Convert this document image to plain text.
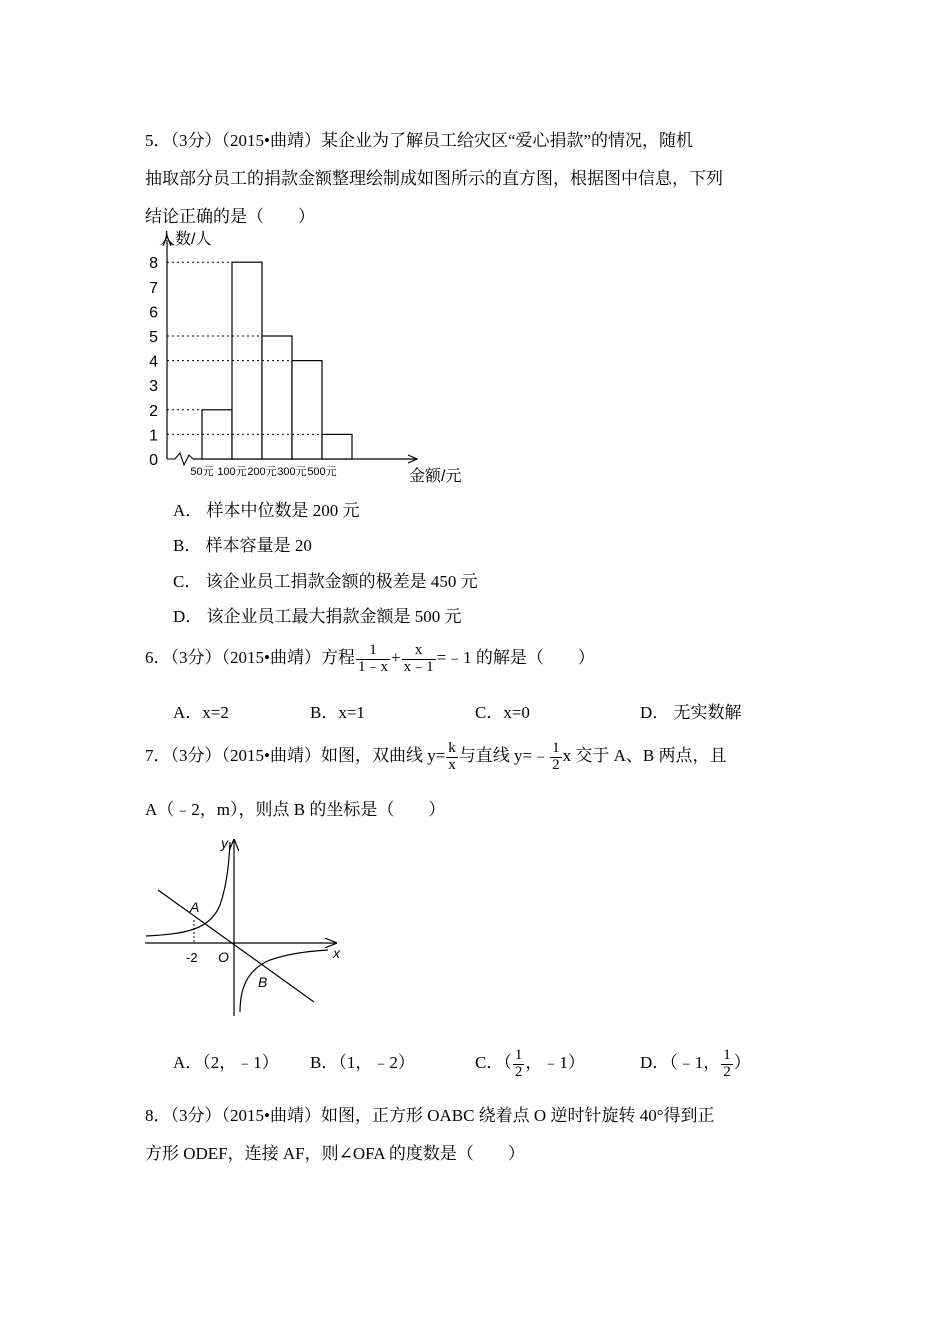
5．（3分）（2015•曲靖）某企业为了解员工给灾区“爱心捐款”的情况，随机
抽取部分员工的捐款金额整理绘制成如图所示的直方图，根据图中信息，下列
结论正确的是（　　）
0
1
2
3
4
5
6
7
8
50元 100元 200元 300元 500元
人数/人
金额/元
A． 样本中位数是 200 元
B． 样本容量是 20
C． 该企业员工捐款金额的极差是 450 元
D． 该企业员工最大捐款金额是 500 元
6．（3分）（2015•曲靖）方程 $\frac{1}{1﹣x} + \frac{x}{x﹣1}$ =﹣1 的解是（　　）
A．x=2	B．x=1	C．x=0	D． 无实数解
7．（3分）（2015•曲靖）如图，双曲线 $y= \frac{k}{x}$ 与直线 y=﹣ $\frac{1}{2}$ x 交于 A、B 两点，且
A（﹣2，m），则点 B 的坐标是（　　）
y
x
A
B
O
-2
A．（2，﹣1） B．（1，﹣2）	C．（ $\frac{1}{2}$ ，﹣1）	D．（﹣1， $\frac{1}{2}$ ）
8．（3分）（2015•曲靖）如图，正方形 OABC 绕着点 O 逆时针旋转 40°得到正
方形 ODEF，连接 AF，则∠OFA 的度数是（　　）
